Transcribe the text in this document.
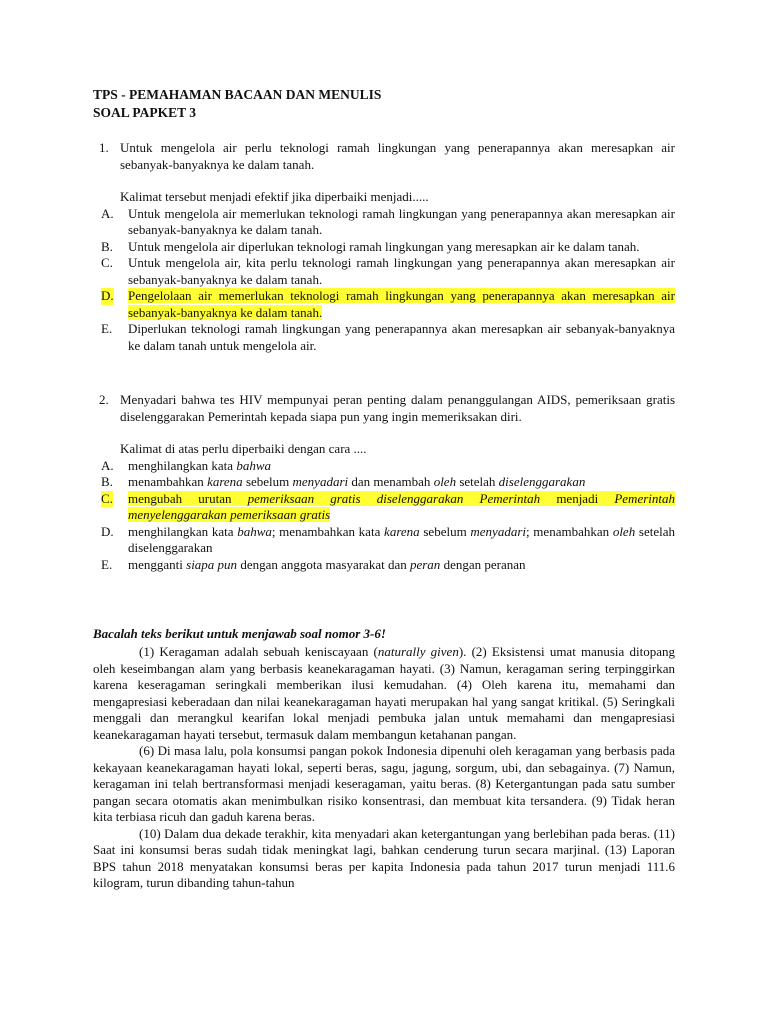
TPS - PEMAHAMAN BACAAN DAN MENULIS
SOAL PAPKET 3
1. Untuk mengelola air perlu teknologi ramah lingkungan yang penerapannya akan meresapkan air sebanyak-banyaknya ke dalam tanah.
Kalimat tersebut menjadi efektif jika diperbaiki menjadi.....
A. Untuk mengelola air memerlukan teknologi ramah lingkungan yang penerapannya akan meresapkan air sebanyak-banyaknya ke dalam tanah.
B. Untuk mengelola air diperlukan teknologi ramah lingkungan yang meresapkan air ke dalam tanah.
C. Untuk mengelola air, kita perlu teknologi ramah lingkungan yang penerapannya akan meresapkan air sebanyak-banyaknya ke dalam tanah.
D. Pengelolaan air memerlukan teknologi ramah lingkungan yang penerapannya akan meresapkan air sebanyak-banyaknya ke dalam tanah.
E. Diperlukan teknologi ramah lingkungan yang penerapannya akan meresapkan air sebanyak-banyaknya ke dalam tanah untuk mengelola air.
2. Menyadari bahwa tes HIV mempunyai peran penting dalam penanggulangan AIDS, pemeriksaan gratis diselenggarakan Pemerintah kepada siapa pun yang ingin memeriksakan diri.
Kalimat di atas perlu diperbaiki dengan cara ....
A. menghilangkan kata bahwa
B. menambahkan karena sebelum menyadari dan menambah oleh setelah diselenggarakan
C. mengubah urutan pemeriksaan gratis diselenggarakan Pemerintah menjadi Pemerintah menyelenggarakan pemeriksaan gratis
D. menghilangkan kata bahwa; menambahkan kata karena sebelum menyadari; menambahkan oleh setelah diselenggarakan
E. mengganti siapa pun dengan anggota masyarakat dan peran dengan peranan
Bacalah teks berikut untuk menjawab soal nomor 3-6!
(1) Keragaman adalah sebuah keniscayaan (naturally given). (2) Eksistensi umat manusia ditopang oleh keseimbangan alam yang berbasis keanekaragaman hayati. (3) Namun, keragaman sering terpinggirkan karena keseragaman seringkali memberikan ilusi kemudahan. (4) Oleh karena itu, memahami dan mengapresiasi keberadaan dan nilai keanekaragaman hayati merupakan hal yang sangat kritikal. (5) Seringkali menggali dan merangkul kearifan lokal menjadi pembuka jalan untuk memahami dan mengapresiasi keanekaragaman hayati tersebut, termasuk dalam membangun ketahanan pangan.
(6) Di masa lalu, pola konsumsi pangan pokok Indonesia dipenuhi oleh keragaman yang berbasis pada kekayaan keanekaragaman hayati lokal, seperti beras, sagu, jagung, sorgum, ubi, dan sebagainya. (7) Namun, keragaman ini telah bertransformasi menjadi keseragaman, yaitu beras. (8) Ketergantungan pada satu sumber pangan secara otomatis akan menimbulkan risiko konsentrasi, dan membuat kita tersandera. (9) Tidak heran kita terbiasa ricuh dan gaduh karena beras.
(10) Dalam dua dekade terakhir, kita menyadari akan ketergantungan yang berlebihan pada beras. (11) Saat ini konsumsi beras sudah tidak meningkat lagi, bahkan cenderung turun secara marjinal. (13) Laporan BPS tahun 2018 menyatakan konsumsi beras per kapita Indonesia pada tahun 2017 turun menjadi 111.6 kilogram, turun dibanding tahun-tahun
